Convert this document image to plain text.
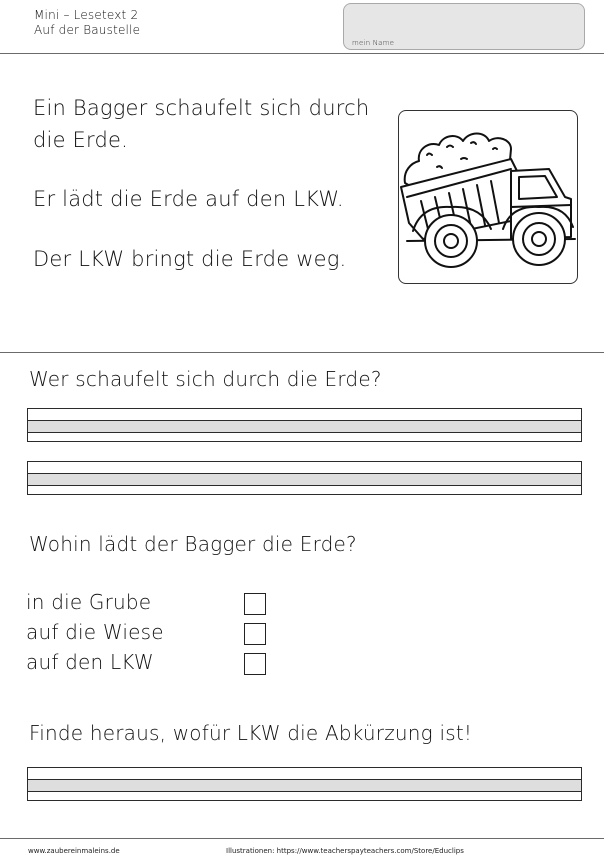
Mini – Lesetext 2
Auf der Baustelle
mein Name
Ein Bagger schaufelt sich durch
die Erde.
Er lädt die Erde auf den LKW.
Der LKW bringt die Erde weg.
Wer schaufelt sich durch die Erde?
Wohin lädt der Bagger die Erde?
in die Grube
auf die Wiese
auf den LKW
Finde heraus, wofür LKW die Abkürzung ist!
www.zaubereinmaleins.de	Illustrationen: https://www.teacherspayteachers.com/Store/Educlips
